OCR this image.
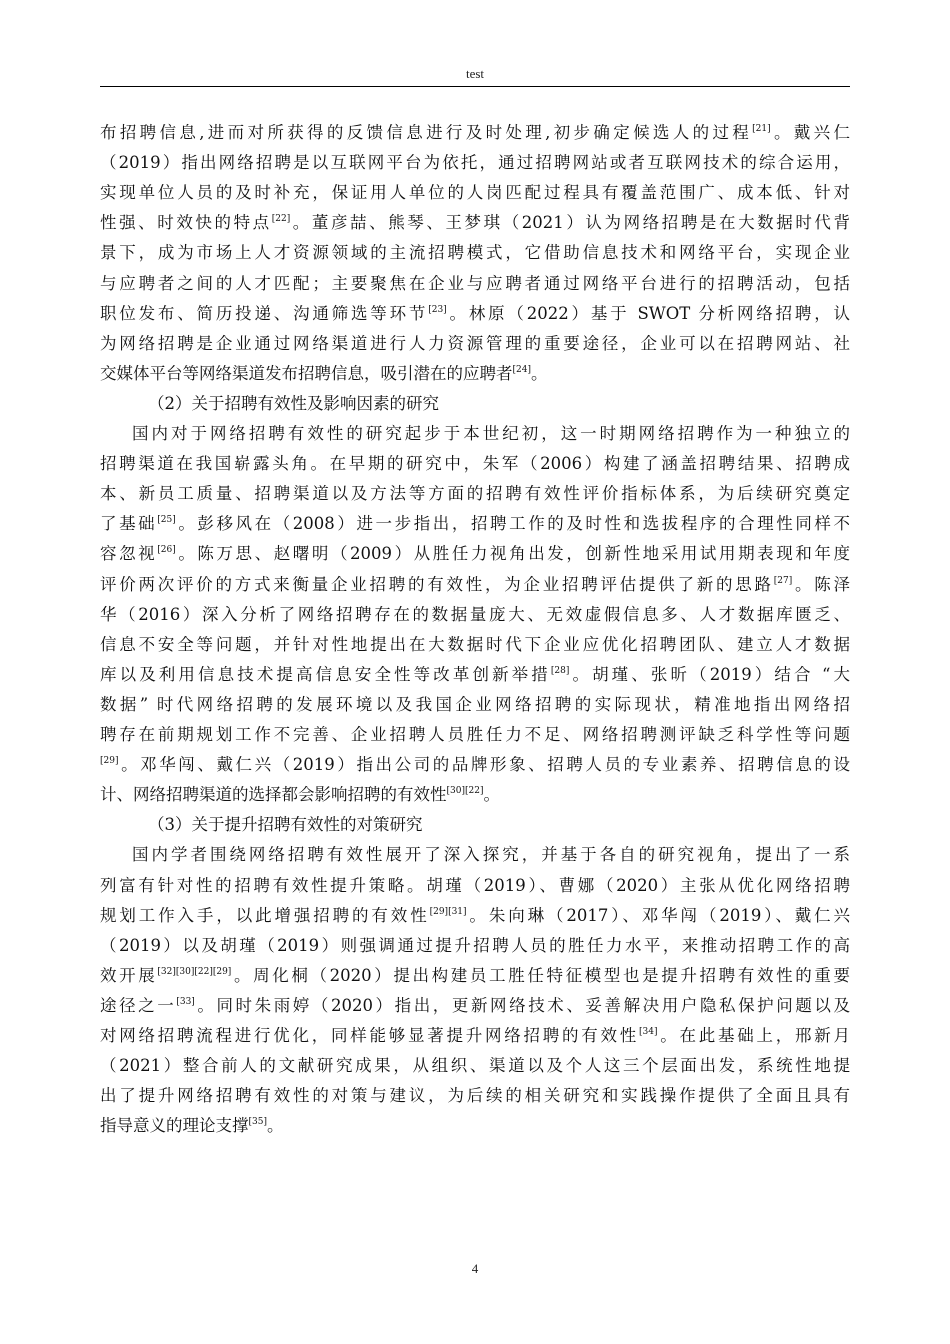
test
布招聘信息,进而对所获得的反馈信息进行及时处理,初步确定候选人的过程[21]。戴兴仁
（2019）指出网络招聘是以互联网平台为依托，通过招聘网站或者互联网技术的综合运用，
实现单位人员的及时补充，保证用人单位的人岗匹配过程具有覆盖范围广、成本低、针对
性强、时效快的特点[22]。董彦喆、熊琴、王梦琪（2021）认为网络招聘是在大数据时代背
景下，成为市场上人才资源领域的主流招聘模式，它借助信息技术和网络平台，实现企业
与应聘者之间的人才匹配；主要聚焦在企业与应聘者通过网络平台进行的招聘活动，包括
职位发布、简历投递、沟通筛选等环节[23]。林原（2022）基于 SWOT 分析网络招聘，认
为网络招聘是企业通过网络渠道进行人力资源管理的重要途径，企业可以在招聘网站、社
交媒体平台等网络渠道发布招聘信息，吸引潜在的应聘者[24]。
（2）关于招聘有效性及影响因素的研究
国内对于网络招聘有效性的研究起步于本世纪初，这一时期网络招聘作为一种独立的
招聘渠道在我国崭露头角。在早期的研究中，朱军（2006）构建了涵盖招聘结果、招聘成
本、新员工质量、招聘渠道以及方法等方面的招聘有效性评价指标体系，为后续研究奠定
了基础[25]。彭移风在（2008）进一步指出，招聘工作的及时性和选拔程序的合理性同样不
容忽视[26]。陈万思、赵曙明（2009）从胜任力视角出发，创新性地采用试用期表现和年度
评价两次评价的方式来衡量企业招聘的有效性，为企业招聘评估提供了新的思路[27]。陈泽
华（2016）深入分析了网络招聘存在的数据量庞大、无效虚假信息多、人才数据库匮乏、
信息不安全等问题，并针对性地提出在大数据时代下企业应优化招聘团队、建立人才数据
库以及利用信息技术提高信息安全性等改革创新举措[28]。胡瑾、张昕（2019）结合 “大
数据” 时代网络招聘的发展环境以及我国企业网络招聘的实际现状，精准地指出网络招
聘存在前期规划工作不完善、企业招聘人员胜任力不足、网络招聘测评缺乏科学性等问题
[29]。邓华闯、戴仁兴（2019）指出公司的品牌形象、招聘人员的专业素养、招聘信息的设
计、网络招聘渠道的选择都会影响招聘的有效性[30][22]。
（3）关于提升招聘有效性的对策研究
国内学者围绕网络招聘有效性展开了深入探究，并基于各自的研究视角，提出了一系
列富有针对性的招聘有效性提升策略。胡瑾（2019）、曹娜（2020）主张从优化网络招聘
规划工作入手，以此增强招聘的有效性[29][31]。朱向琳（2017）、邓华闯（2019）、戴仁兴
（2019）以及胡瑾（2019）则强调通过提升招聘人员的胜任力水平，来推动招聘工作的高
效开展[32][30][22][29]。周化桐（2020）提出构建员工胜任特征模型也是提升招聘有效性的重要
途径之一[33]。同时朱雨婷（2020）指出，更新网络技术、妥善解决用户隐私保护问题以及
对网络招聘流程进行优化，同样能够显著提升网络招聘的有效性[34]。在此基础上，邢新月
（2021）整合前人的文献研究成果，从组织、渠道以及个人这三个层面出发，系统性地提
出了提升网络招聘有效性的对策与建议，为后续的相关研究和实践操作提供了全面且具有
指导意义的理论支撑[35]。
4
